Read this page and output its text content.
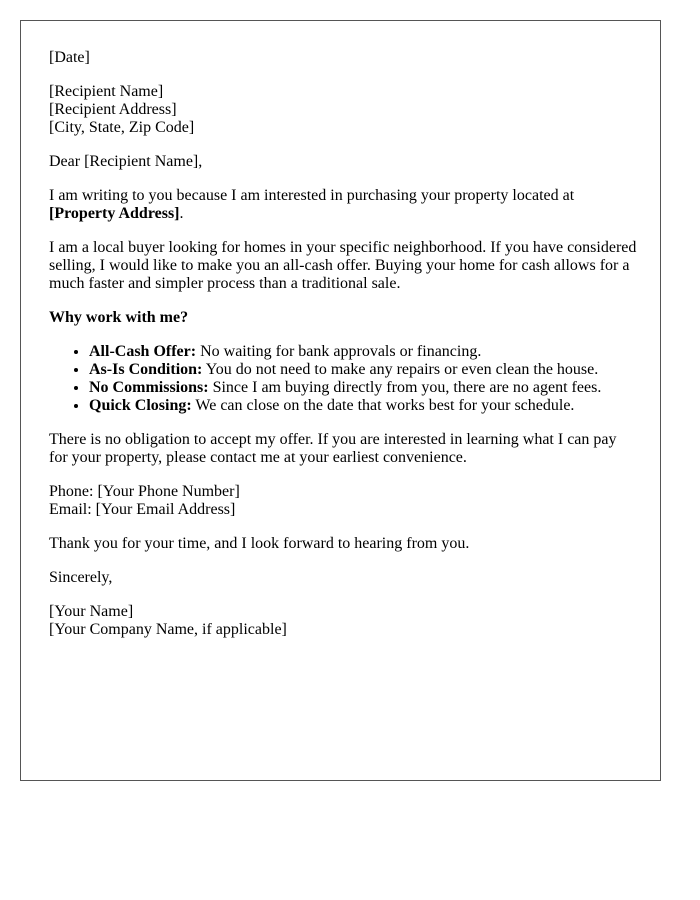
[Date]

[Recipient Name]
[Recipient Address]
[City, State, Zip Code]

Dear [Recipient Name],

I am writing to you because I am interested in purchasing your property located at [Property Address].

I am a local buyer looking for homes in your specific neighborhood. If you have considered selling, I would like to make you an all-cash offer. Buying your home for cash allows for a much faster and simpler process than a traditional sale.

Why work with me?

• All-Cash Offer: No waiting for bank approvals or financing.
• As-Is Condition: You do not need to make any repairs or even clean the house.
• No Commissions: Since I am buying directly from you, there are no agent fees.
• Quick Closing: We can close on the date that works best for your schedule.

There is no obligation to accept my offer. If you are interested in learning what I can pay for your property, please contact me at your earliest convenience.

Phone: [Your Phone Number]
Email: [Your Email Address]

Thank you for your time, and I look forward to hearing from you.

Sincerely,

[Your Name]
[Your Company Name, if applicable]
